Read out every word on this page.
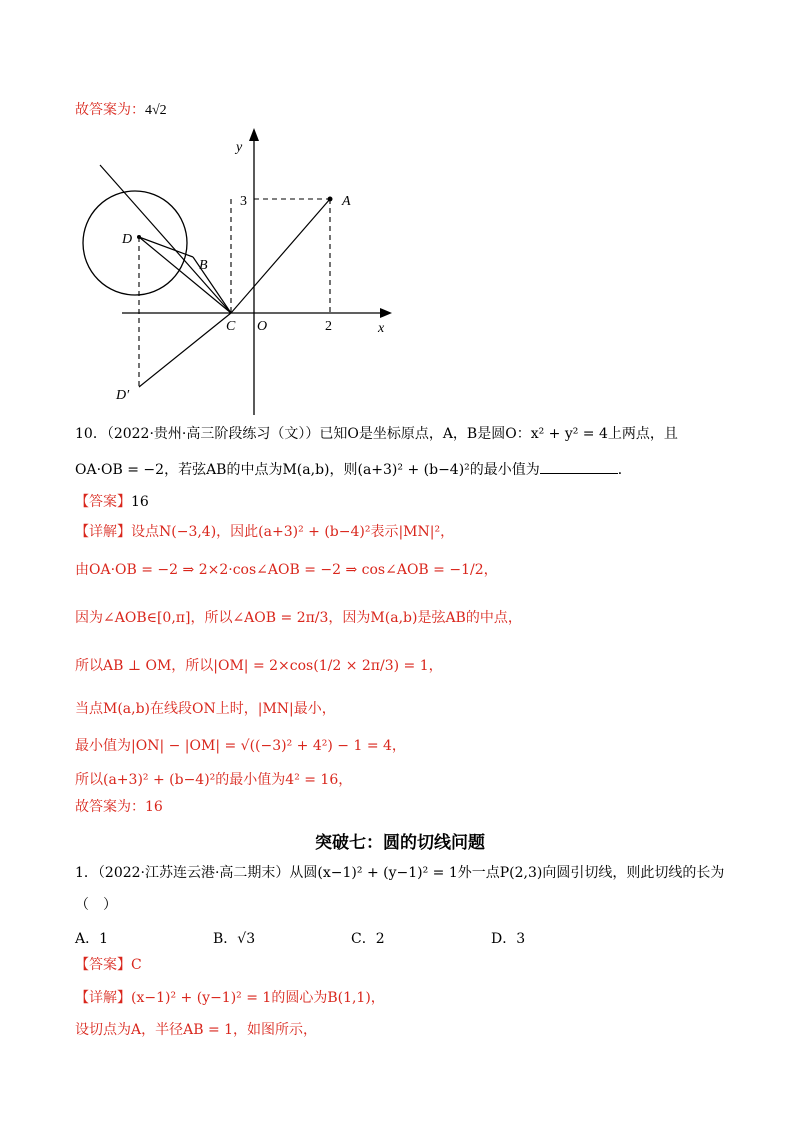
故答案为：4√2
y
3	A
D
B
C O	2	x
D′
10．（2022·贵州·高三阶段练习（文））已知O是坐标原点，A，B是圆O：x² + y² = 4上两点，且
OA·OB = −2，若弦AB的中点为M(a,b)，则(a+3)² + (b−4)²的最小值为	．
【答案】16
【详解】设点N(−3,4)，因此(a+3)² + (b−4)²表示|MN|²，
由OA·OB = −2 ⇒ 2×2·cos∠AOB = −2 ⇒ cos∠AOB = −1/2，
因为∠AOB∈[0,π]，所以∠AOB = 2π/3，因为M(a,b)是弦AB的中点，
所以AB ⊥ OM，所以|OM| = 2×cos(1/2 × 2π/3) = 1，
当点M(a,b)在线段ON上时，|MN|最小，
最小值为|ON| − |OM| = √((−3)² + 4²) − 1 = 4，
所以(a+3)² + (b−4)²的最小值为4² = 16，
故答案为：16
突破七：圆的切线问题
1．（2022·江苏连云港·高二期末）从圆(x−1)² + (y−1)² = 1外一点P(2,3)向圆引切线，则此切线的长为
（　）
A．1	B．√3	C．2	D．3
【答案】C
【详解】(x−1)² + (y−1)² = 1的圆心为B(1,1)，
设切点为A，半径AB = 1，如图所示，
